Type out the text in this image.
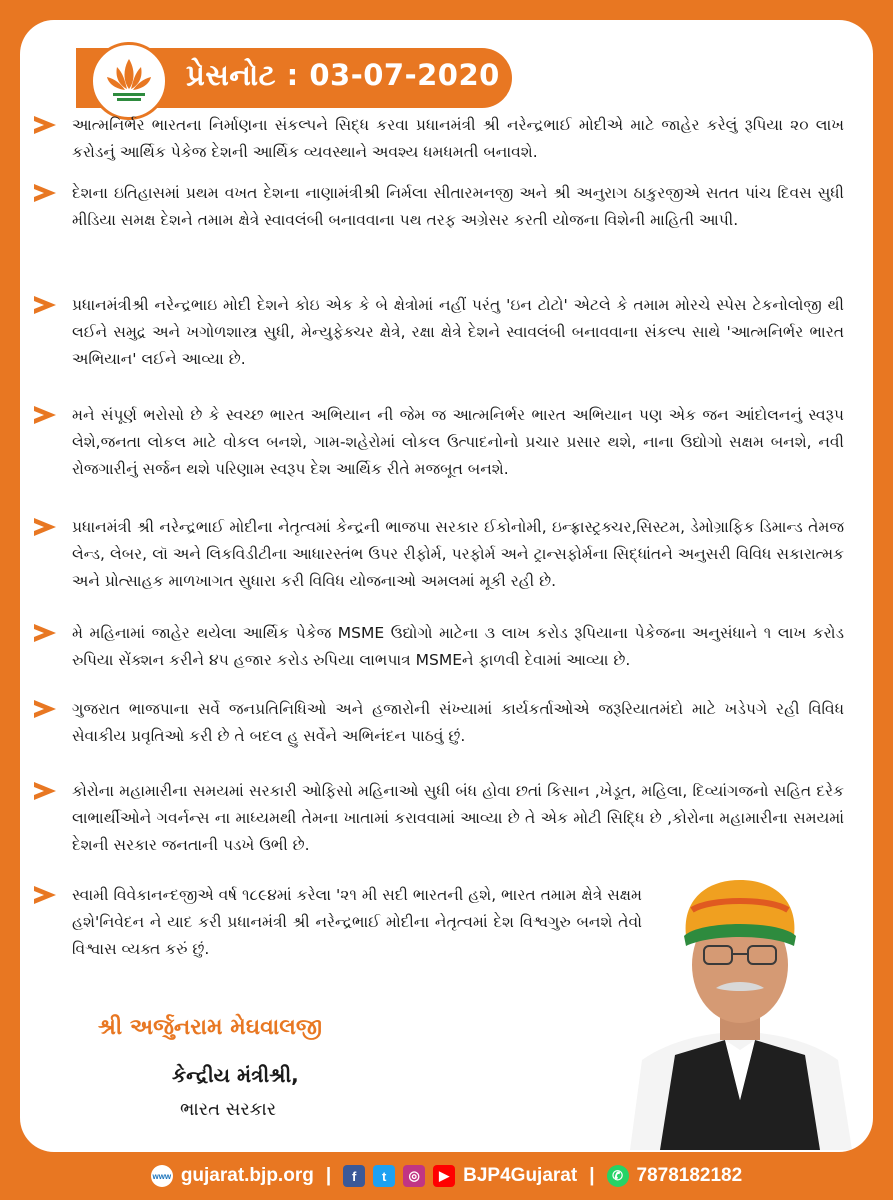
પ્રેસનોટ : 03-07-2020

આત્મનિર્ભર ભારતના નિર્માણના સંકલ્પને સિદ્ધ કરવા પ્રધાનમંત્રી શ્રી નરેન્દ્રભાઈ મોદીએ માટે જાહેર કરેલું રૂપિયા ૨૦ લાખ કરોડનું આર્થિક પેકેજ દેશની આર્થિક વ્યવસ્થાને અવશ્ય ધમધમતી બનાવશે.

દેશના ઇતિહાસમાં પ્રથમ વખત દેશના નાણામંત્રીશ્રી નિર્મલા સીતારમનજી અને શ્રી અનુરાગ ઠાકુરજીએ સતત પાંચ દિવસ સુધી મીડિયા સમક્ષ દેશને તમામ ક્ષેત્રે સ્વાવલંબી બનાવવાના પથ તરફ અગ્રેસર કરતી યોજના વિશેની માહિતી આપી.

પ્રધાનમંત્રીશ્રી નરેન્દ્રભાઇ મોદી દેશને કોઇ એક કે બે ક્ષેત્રોમાં નહીં પરંતુ 'ઇન ટોટો' એટલે કે તમામ મોરચે સ્પેસ ટેકનોલોજી થી લઈને સમુદ્ર અને ખગોળશાસ્ત્ર સુધી, મેન્યુફેક્ચર ક્ષેત્રે, રક્ષા ક્ષેત્રે દેશને સ્વાવલંબી બનાવવાના સંકલ્પ સાથે 'આત્મનિર્ભર ભારત અભિયાન' લઈને આવ્યા છે.

મને સંપૂર્ણ ભરોસો છે કે સ્વચ્છ ભારત અભિયાન ની જેમ જ આત્મનિર્ભર ભારત અભિયાન પણ એક જન આંદોલનનું સ્વરૂપ લેશે,જનતા લોકલ માટે વોકલ બનશે, ગામ-શહેરોમાં લોકલ ઉત્પાદનોનો પ્રચાર પ્રસાર થશે, નાના ઉદ્યોગો સક્ષમ બનશે, નવી રોજગારીનું સર્જન થશે પરિણામ સ્વરૂપ દેશ આર્થિક રીતે મજબૂત બનશે.

પ્રધાનમંત્રી શ્રી નરેન્દ્રભાઈ મોદીના નેતૃત્વમાં કેન્દ્રની ભાજપા સરકાર ઈકોનોમી, ઇન્ફ્રાસ્ટ્રક્ચર,સિસ્ટમ, ડેમોગ્રાફિક ડિમાન્ડ તેમજ લેન્ડ, લેબર, લૉ અને લિકવિડીટીના આધારસ્તંભ ઉપર રીફોર્મ, પરફોર્મ અને ટ્રાન્સફોર્મના સિદ્ધાંતને અનુસરી વિવિધ સકારાત્મક અને પ્રોત્સાહક માળખાગત સુધારા કરી વિવિધ યોજનાઓ અમલમાં મૂકી રહી છે.

મે મહિનામાં જાહેર થયેલા આર્થિક પેકેજ MSME ઉદ્યોગો માટેના ૩ લાખ કરોડ રૂપિયાના પેકેજના અનુસંધાને ૧ લાખ કરોડ રુપિયા સેંક્શન કરીને ૪૫ હજાર કરોડ રુપિયા લાભપાત્ર MSMEને ફાળવી દેવામાં આવ્યા છે.

ગુજરાત ભાજપાના સર્વે જનપ્રતિનિધિઓ અને હજારોની સંખ્યામાં કાર્યકર્તાઓએ જરૂરિયાતમંદો માટે ખડેપગે રહી વિવિધ સેવાકીય પ્રવૃતિઓ કરી છે તે બદલ હુ સર્વેને અભિનંદન પાઠવું છું.

કોરોના મહામારીના સમયમાં સરકારી ઓફિસો મહિનાઓ સુધી બંધ હોવા છતાં કિસાન ,ખેડૂત, મહિલા, દિવ્યાંગજનો સહિત દરેક લાભાર્થીઓને ગવર્નન્સ ના માધ્યમથી તેમના ખાતામાં કરાવવામાં આવ્યા છે તે એક મોટી સિદ્ધિ છે ,કોરોના મહામારીના સમયમાં દેશની સરકાર જનતાની પડખે ઉભી છે.

સ્વામી વિવેકાનન્દજીએ વર્ષ ૧૮૯૪માં કરેલા '૨૧ મી સદી ભારતની હશે, ભારત તમામ ક્ષેત્રે સક્ષમ હશે'નિવેદન ને યાદ કરી પ્રધાનમંત્રી શ્રી નરેન્દ્રભાઈ મોદીના નેતૃત્વમાં દેશ વિશ્વગુરુ બનશે તેવો વિશ્વાસ વ્યક્ત કરું છું.

શ્રી અર્જુનરામ મેઘવાલજી
કેન્દ્રીય મંત્રીશ્રી,
ભારત સરકાર
www gujarat.bjp.org |	f	t	◎	▶ BJP4Gujarat |	✆ 7878182182
